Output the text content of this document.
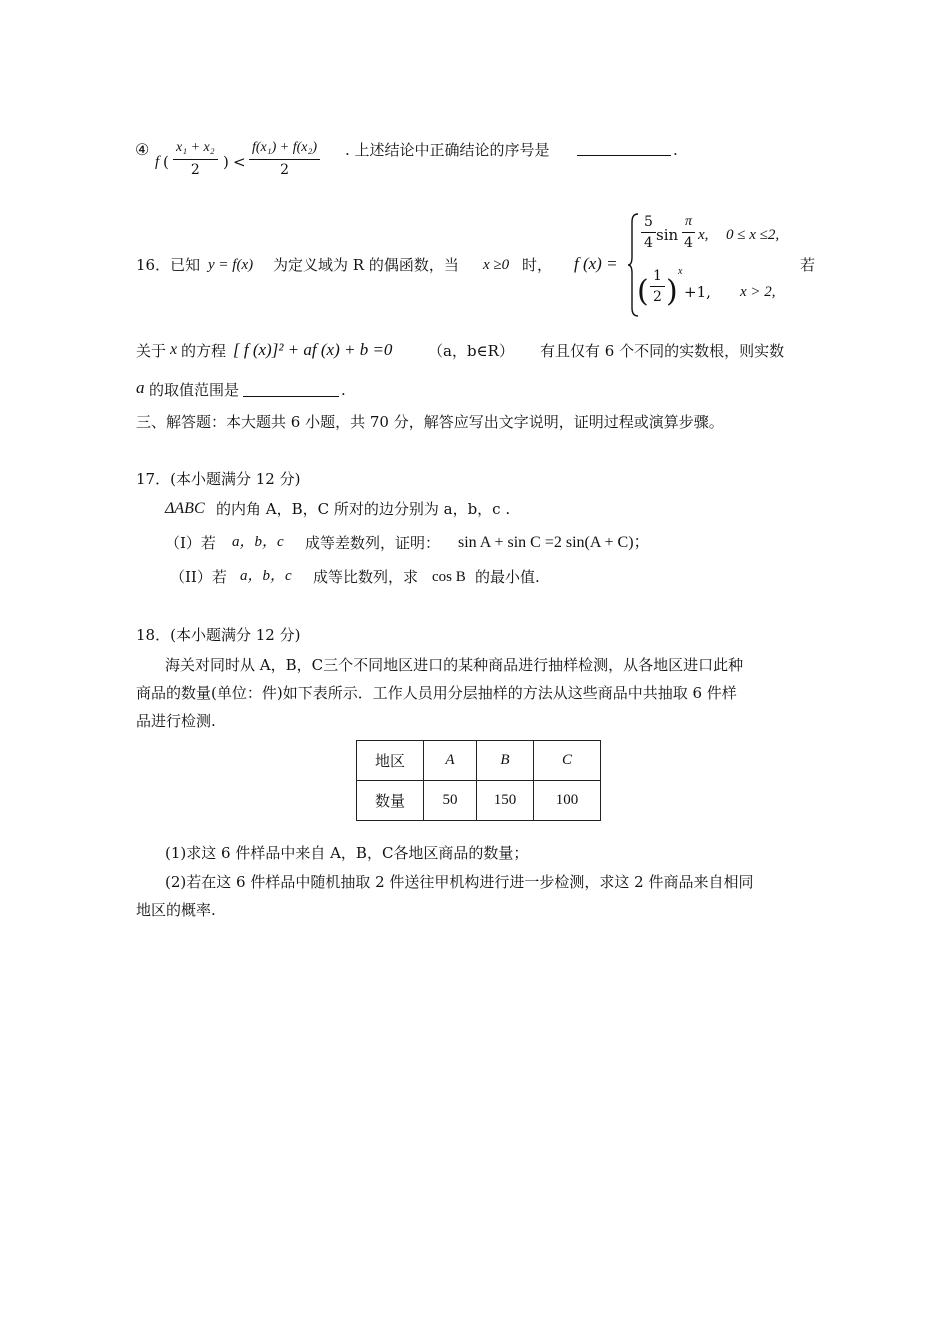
④
f ( $\frac{\text{x₁ + x₂}}{2}$ ) < $\frac{\text{f(x₁) + f(x₂)}}{2}$ . 上述结论中正确结论的序号是	.
16．已知 y = f(x) 为定义域为 R 的偶函数，当 x ≥0 时， f (x) =
$\frac{5}{4}$ $\sin \frac{\pi}{4} x$, 0 ≤ x ≤2,
( $\frac{1}{2}$ )
x
+1, x > 2,
若
关于 x 的方程 [ f (x)]² + af (x) + b =0 （a，b∈R） 有且仅有 6 个不同的实数根，则实数
a 的取值范围是	.
三、解答题：本大题共 6 小题，共 70 分，解答应写出文字说明，证明过程或演算步骤。
17．(本小题满分 12 分)
ΔABC 的内角 A，B，C 所对的边分别为 a，b，c .
（I）若 a，b，c 成等差数列，证明： sin A + sin C =2 sin(A + C)；
（II）若 a，b，c 成等比数列，求 cos B 的最小值.
18．(本小题满分 12 分)
海关对同时从 A，B，C三个不同地区进口的某种商品进行抽样检测，从各地区进口此种
商品的数量(单位：件)如下表所示．工作人员用分层抽样的方法从这些商品中共抽取 6 件样
品进行检测.
地区	A	B	C
数量	50	150	100
(1)求这 6 件样品中来自 A，B，C各地区商品的数量；
(2)若在这 6 件样品中随机抽取 2 件送往甲机构进行进一步检测，求这 2 件商品来自相同
地区的概率.
